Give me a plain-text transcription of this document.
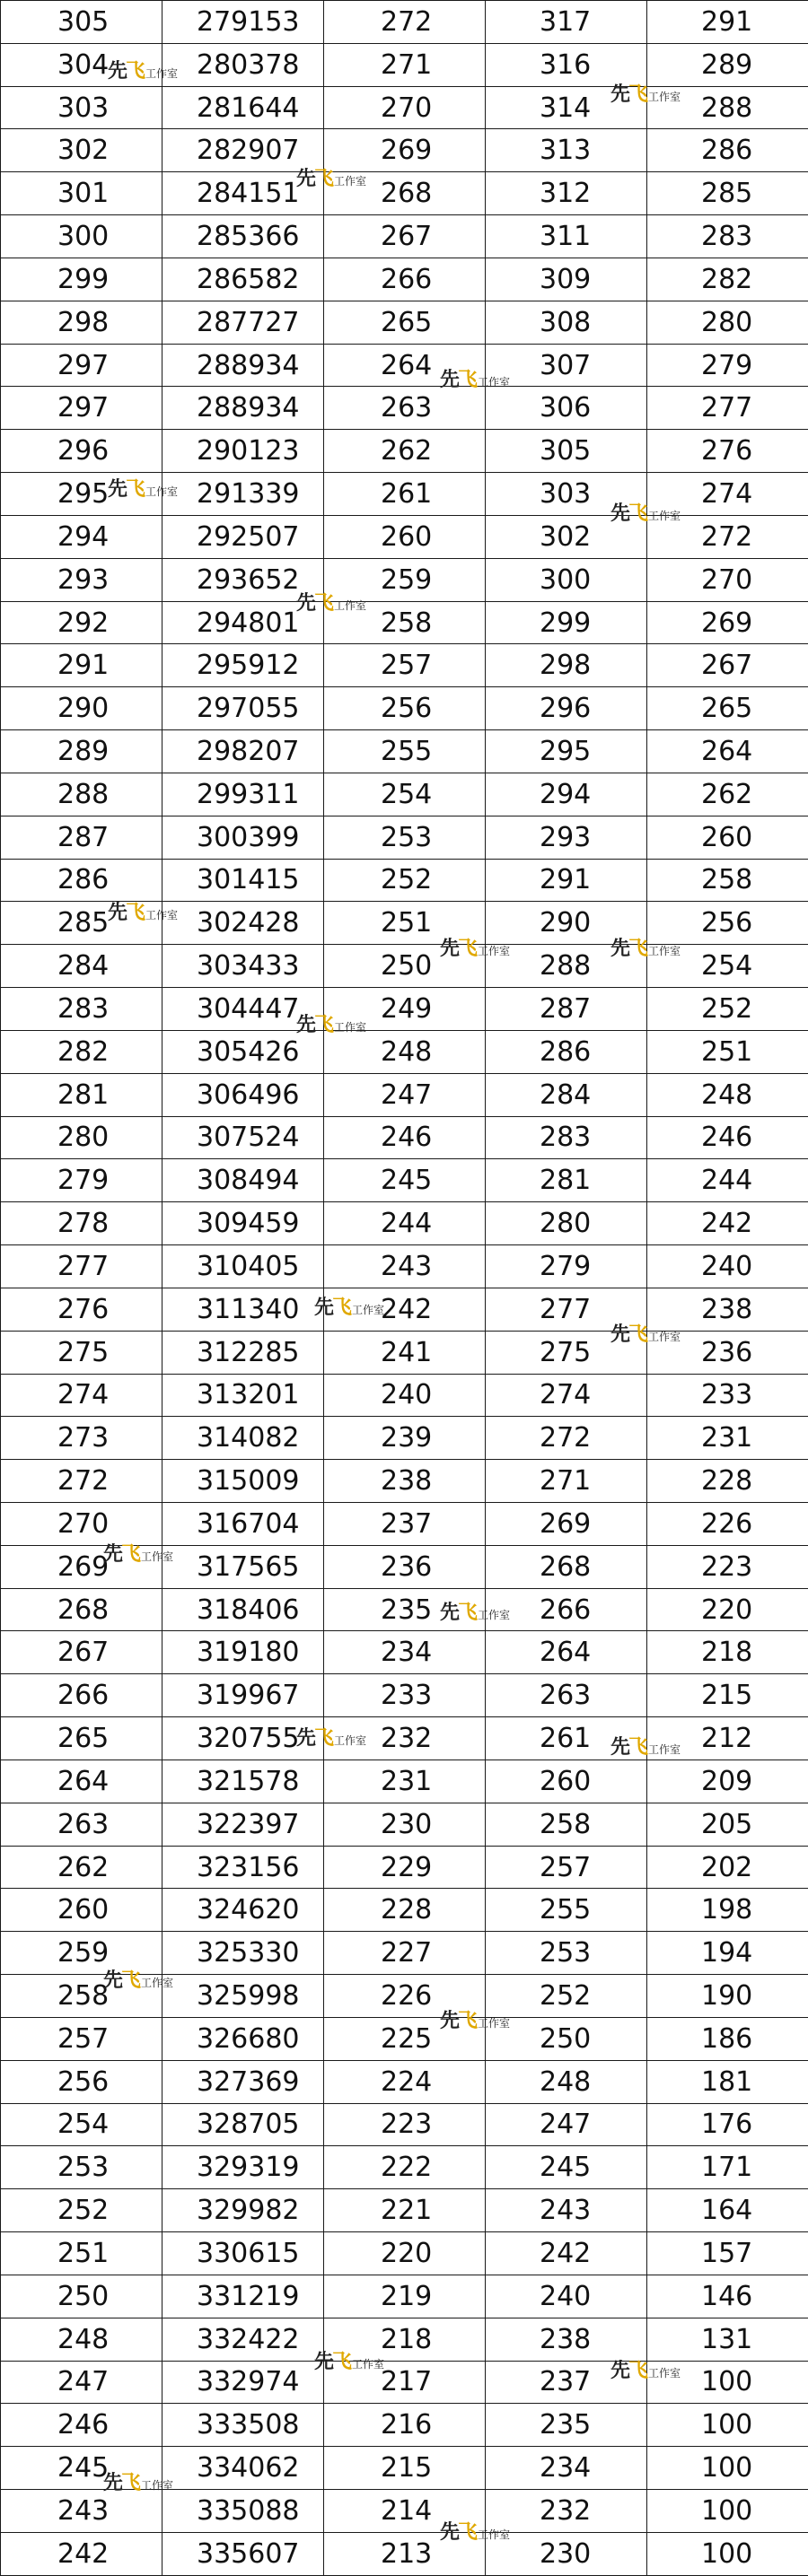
305	279153	272	317	291
304	280378	271	316	289
303	281644	270	314	288
302	282907	269	313	286
301	284151	268	312	285
300	285366	267	311	283
299	286582	266	309	282
298	287727	265	308	280
297	288934	264	307	279
297	288934	263	306	277
296	290123	262	305	276
295	291339	261	303	274
294	292507	260	302	272
293	293652	259	300	270
292	294801	258	299	269
291	295912	257	298	267
290	297055	256	296	265
289	298207	255	295	264
288	299311	254	294	262
287	300399	253	293	260
286	301415	252	291	258
285	302428	251	290	256
284	303433	250	288	254
283	304447	249	287	252
282	305426	248	286	251
281	306496	247	284	248
280	307524	246	283	246
279	308494	245	281	244
278	309459	244	280	242
277	310405	243	279	240
276	311340	242	277	238
275	312285	241	275	236
274	313201	240	274	233
273	314082	239	272	231
272	315009	238	271	228
270	316704	237	269	226
269	317565	236	268	223
268	318406	235	266	220
267	319180	234	264	218
266	319967	233	263	215
265	320755	232	261	212
264	321578	231	260	209
263	322397	230	258	205
262	323156	229	257	202
260	324620	228	255	198
259	325330	227	253	194
258	325998	226	252	190
257	326680	225	250	186
256	327369	224	248	181
254	328705	223	247	176
253	329319	222	245	171
252	329982	221	243	164
251	330615	220	242	157
250	331219	219	240	146
248	332422	218	238	131
247	332974	217	237	100
246	333508	216	235	100
245	334062	215	234	100
243	335088	214	232	100
242	335607	213	230	100
先飞 工作室
先飞 工作室
先飞 工作室
先飞 工作室
先飞 工作室
先飞 工作室
先飞 工作室
先飞 工作室
先飞 工作室	先飞 工作室
先飞 工作室
先飞 工作室
先飞 工作室
先飞 工作室
先飞 工作室
先飞 工作室	先飞 工作室
先飞 工作室
先飞 工作室
先飞 工作室	先飞 工作室
先飞 工作室
先飞 工作室
